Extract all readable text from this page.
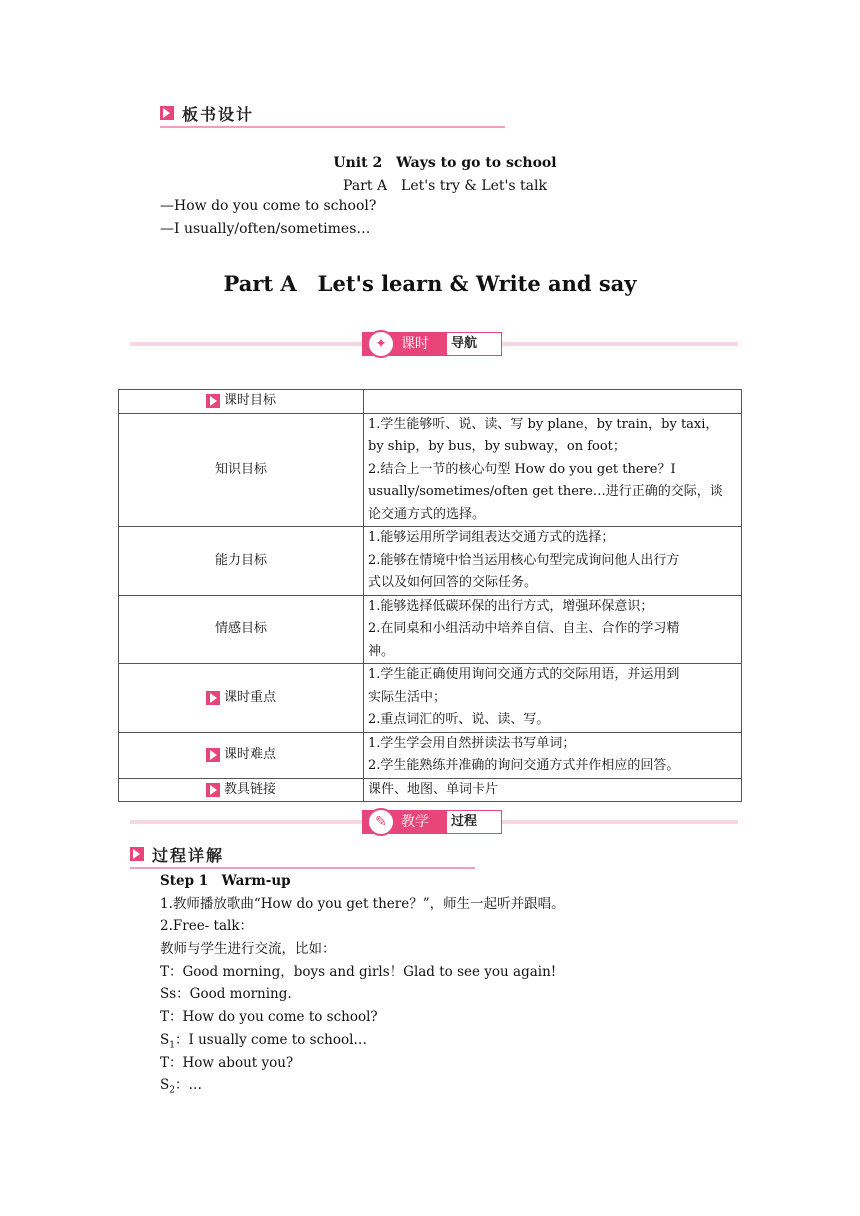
板书设计
Unit 2　Ways to go to school
Part A　Let's try & Let's talk
—How do you come to school?
—I usually/often/sometimes…
Part A　Let's learn & Write and say
课时
✦	导航
课时目标	
知识目标	1.学生能够听、说、读、写 by plane，by train，by taxi，
by ship，by bus，by subway，on foot；
2.结合上一节的核心句型 How do you get there？I
usually/sometimes/often get there…进行正确的交际，谈
论交通方式的选择。

能力目标	1.能够运用所学词组表达交通方式的选择；
2.能够在情境中恰当运用核心句型完成询问他人出行方
式以及如何回答的交际任务。

情感目标	1.能够选择低碳环保的出行方式，增强环保意识；
2.在同桌和小组活动中培养自信、自主、合作的学习精
神。

课时重点	1.学生能正确使用询问交通方式的交际用语，并运用到
实际生活中；
2.重点词汇的听、说、读、写。

课时难点	1.学生学会用自然拼读法书写单词；
2.学生能熟练并准确的询问交通方式并作相应的回答。

教具链接	课件、地图、单词卡片
教学
✎	过程
过程详解
Step 1　Warm-up
1.教师播放歌曲“How do you get there？”，师生一起听并跟唱。
2.Free- talk：
教师与学生进行交流，比如：
T：Good morning，boys and girls！Glad to see you again!
Ss：Good morning.
T：How do you come to school?
$S_1$：I usually come to school…
T：How about you?
$S_2$：…
